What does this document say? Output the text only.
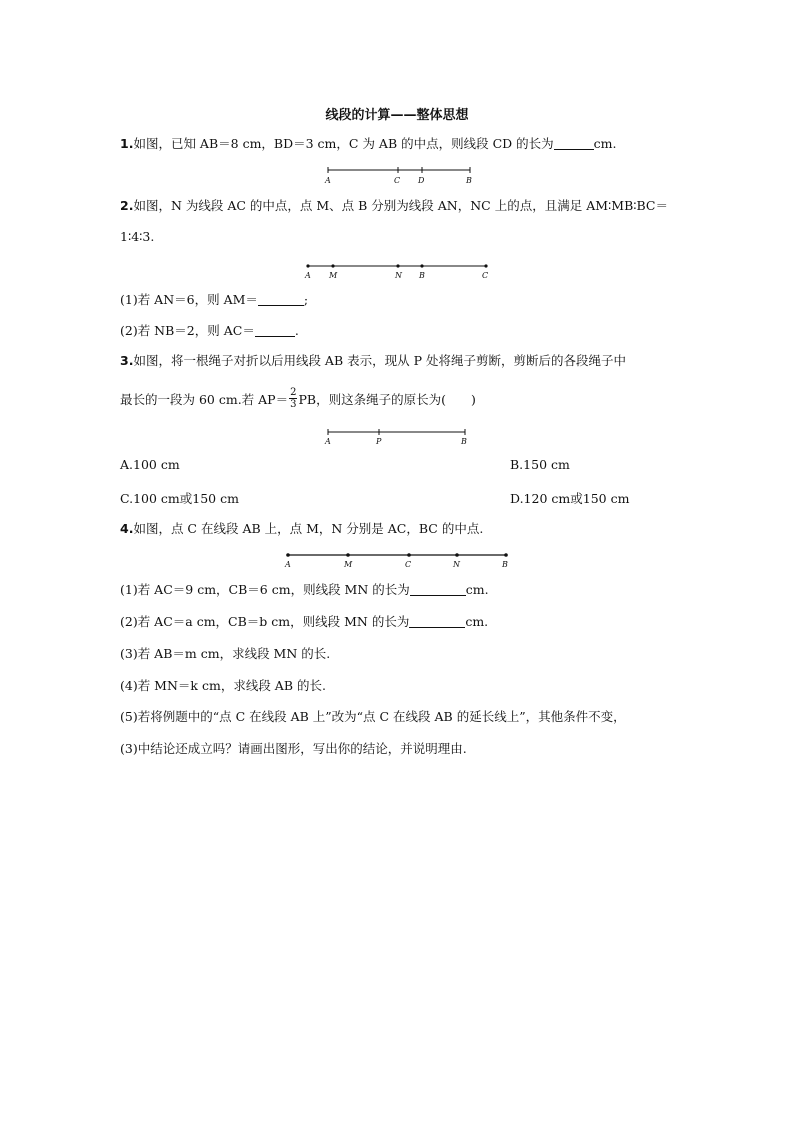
线段的计算——整体思想
1.如图，已知 AB＝8 cm，BD＝3 cm，C 为 AB 的中点，则线段 CD 的长为	cm.
A	C D	B
2.如图，N 为线段 AC 的中点，点 M、点 B 分别为线段 AN，NC 上的点，且满足 AM∶MB∶BC＝
1∶4∶3.
A M	N B	C
(1)若 AN＝6，则 AM＝	;
(2)若 NB＝2，则 AC＝	.
3.如图，将一根绳子对折以后用线段 AB 表示，现从 P 处将绳子剪断，剪断后的各段绳子中
最长的一段为 60 cm.若 $AP= \frac{2}{3}$ PB，则这条绳子的原长为(　　)
A	P	B
A.100 cm	B.150 cm
C.100 cm或150 cm	D.120 cm或150 cm
4.如图，点 C 在线段 AB 上，点 M，N 分别是 AC，BC 的中点.
A	M	C	N	B
(1)若 AC＝9 cm，CB＝6 cm，则线段 MN 的长为	cm.
(2)若 AC＝a cm，CB＝b cm，则线段 MN 的长为	cm.
(3)若 AB＝m cm，求线段 MN 的长.
(4)若 MN＝k cm，求线段 AB 的长.
(5)若将例题中的“点 C 在线段 AB 上”改为“点 C 在线段 AB 的延长线上”，其他条件不变，
(3)中结论还成立吗？请画出图形，写出你的结论，并说明理由.
